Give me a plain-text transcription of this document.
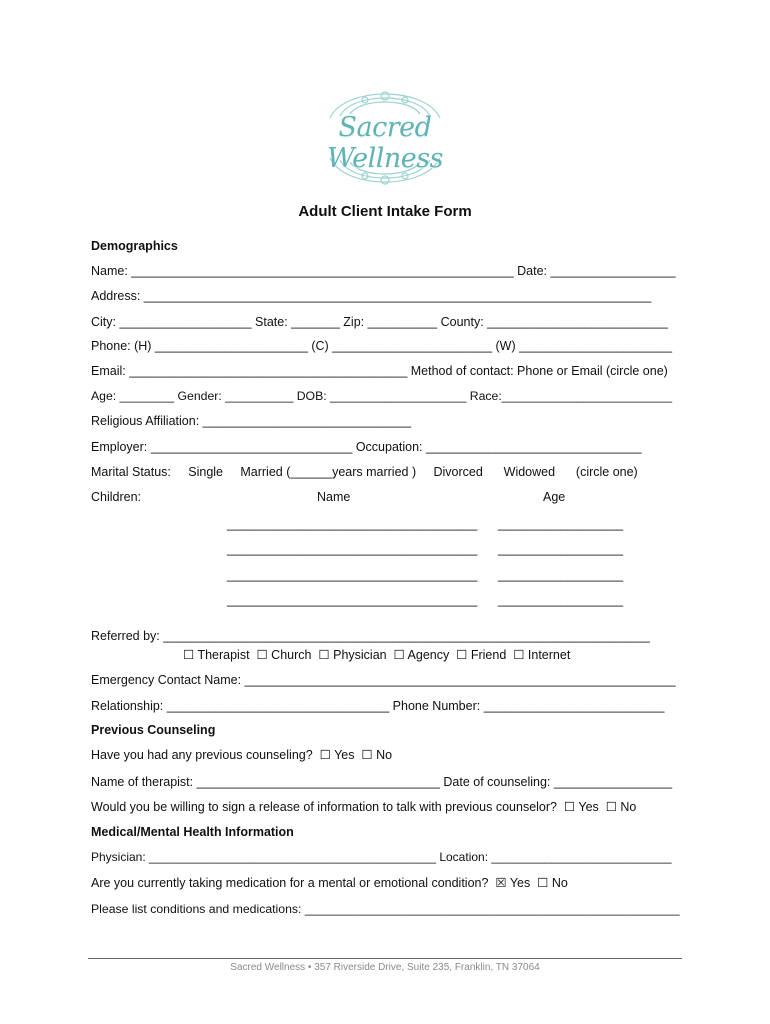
Sacred Wellness
Adult Client Intake Form
Demographics
Name: _______________________________________________________ Date: __________________
Address: _________________________________________________________________________
City: ___________________ State: _______ Zip: __________ County: __________________________
Phone: (H) ______________________ (C) _______________________ (W) ______________________
Email: ________________________________________ Method of contact: Phone or Email (circle one)
Age: ________ Gender: __________ DOB: ____________________ Race:_________________________
Religious Affiliation: ______________________________
Employer: _____________________________ Occupation: _______________________________
Marital Status:     Single     Married (______years married )     Divorced      Widowed      (circle one)
Children:	Name	Age
____________________________________ __________________
____________________________________ __________________
____________________________________ __________________
____________________________________ __________________
Referred by: ______________________________________________________________________
☐ Therapist  ☐ Church  ☐ Physician  ☐ Agency  ☐ Friend  ☐ Internet
Emergency Contact Name: ______________________________________________________________
Relationship: ________________________________ Phone Number: __________________________
Previous Counseling
Have you had any previous counseling?  ☐ Yes  ☐ No
Name of therapist: ___________________________________ Date of counseling: _________________
Would you be willing to sign a release of information to talk with previous counselor?  ☐ Yes  ☐ No
Medical/Mental Health Information
Physician: ___________________________________________ Location: ___________________________
Are you currently taking medication for a mental or emotional condition?  ☒ Yes  ☐ No
Please list conditions and medications: _______________________________________________________
Sacred Wellness • 357 Riverside Drive, Suite 235, Franklin, TN 37064
